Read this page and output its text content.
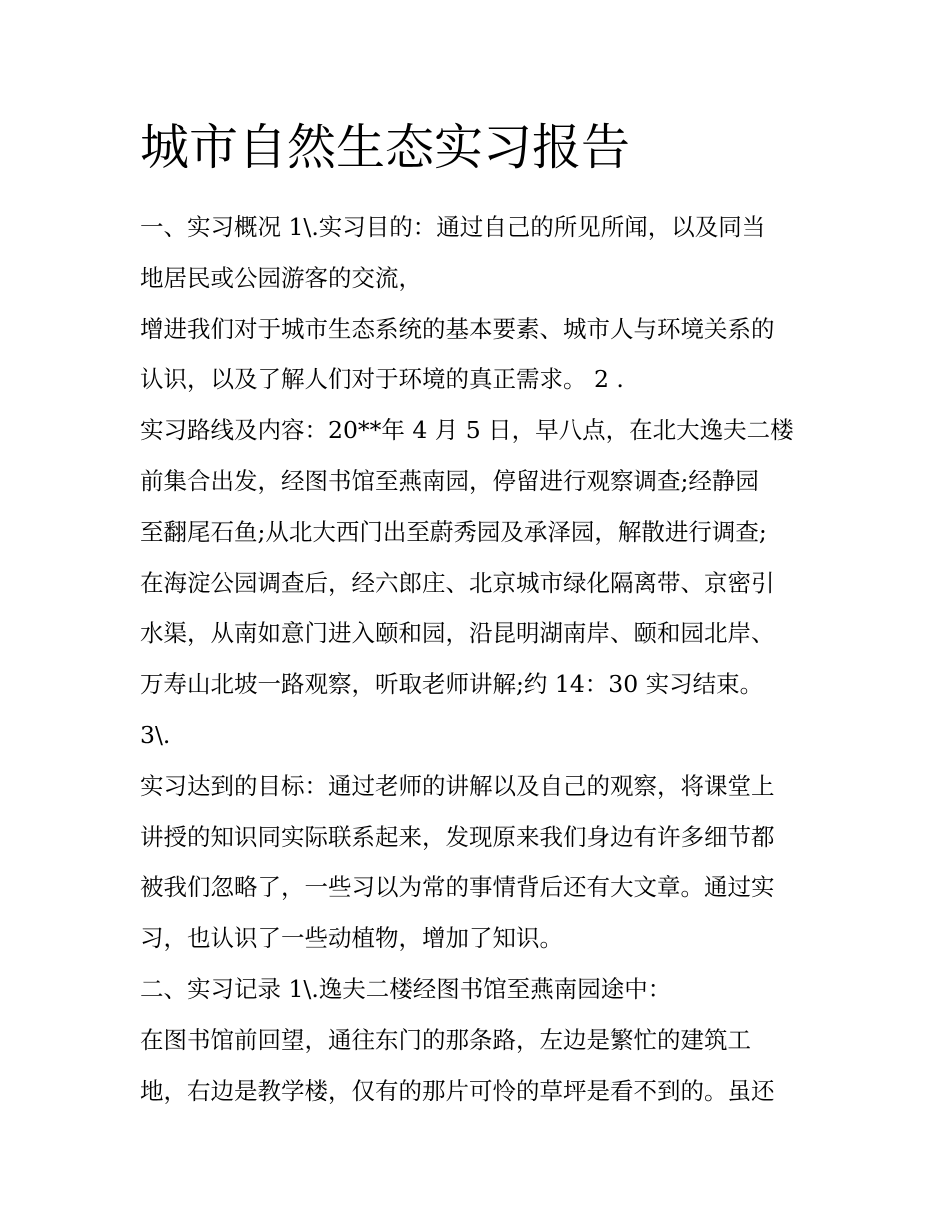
城市自然生态实习报告
一、实习概况 1\.实习目的：通过自己的所见所闻，以及同当
地居民或公园游客的交流，
增进我们对于城市生态系统的基本要素、城市人与环境关系的
认识，以及了解人们对于环境的真正需求。 2 .
实习路线及内容：20**年 4 月 5 日，早八点，在北大逸夫二楼
前集合出发，经图书馆至燕南园，停留进行观察调查;经静园
至翻尾石鱼;从北大西门出至蔚秀园及承泽园，解散进行调查;
在海淀公园调查后，经六郎庄、北京城市绿化隔离带、京密引
水渠，从南如意门进入颐和园，沿昆明湖南岸、颐和园北岸、
万寿山北坡一路观察，听取老师讲解;约 14：30 实习结束。
3\.
实习达到的目标：通过老师的讲解以及自己的观察，将课堂上
讲授的知识同实际联系起来，发现原来我们身边有许多细节都
被我们忽略了，一些习以为常的事情背后还有大文章。通过实
习，也认识了一些动植物，增加了知识。
二、实习记录 1\.逸夫二楼经图书馆至燕南园途中：
在图书馆前回望，通往东门的那条路，左边是繁忙的建筑工
地，右边是教学楼，仅有的那片可怜的草坪是看不到的。虽还
